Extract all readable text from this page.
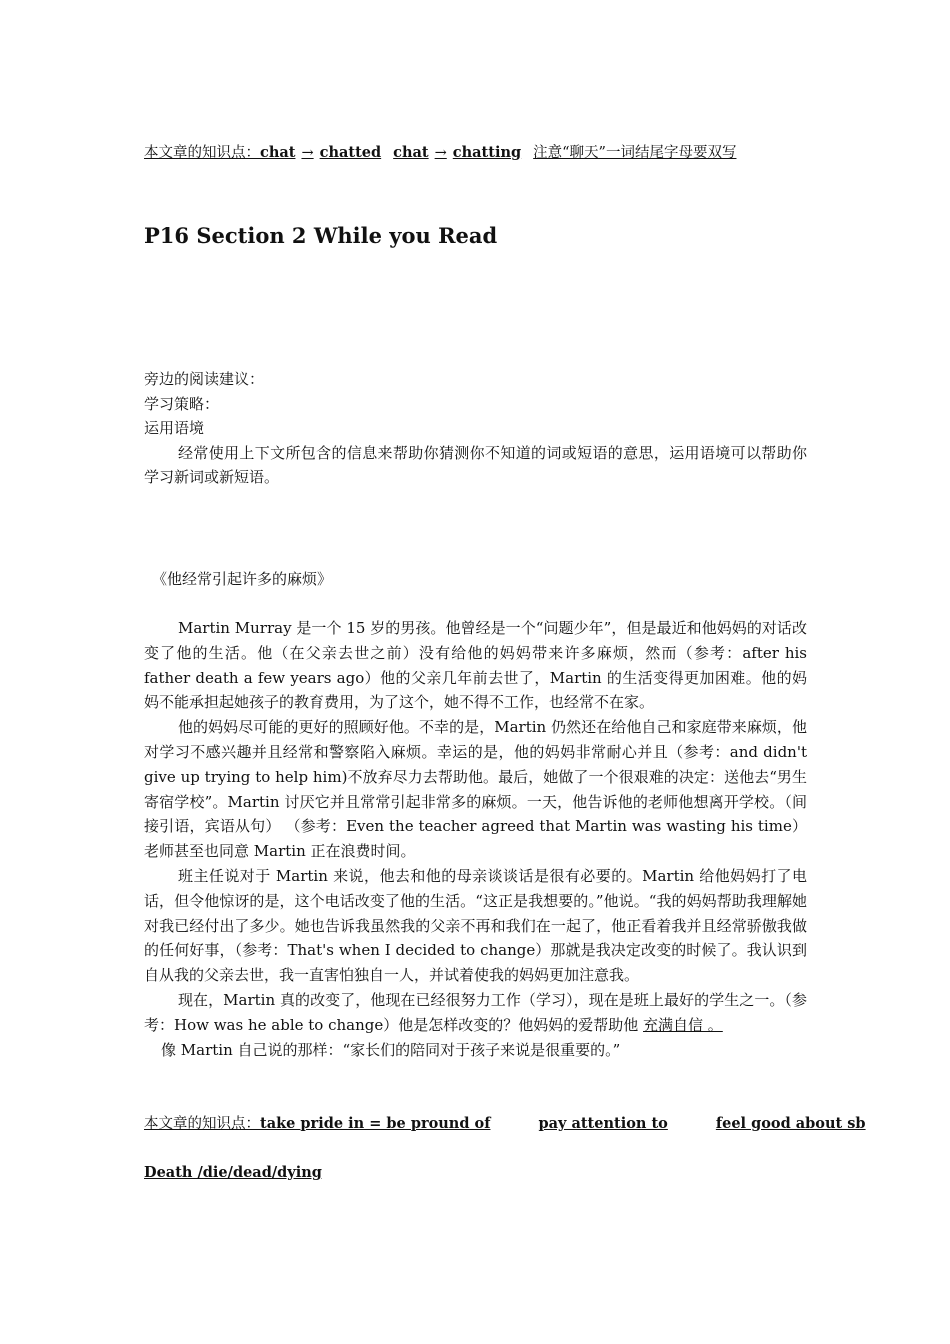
本文章的知识点：chat → chatted chat → chatting 注意“聊天”一词结尾字母要双写
P16 Section 2 While you Read
旁边的阅读建议：
学习策略：
运用语境

经常使用上下文所包含的信息来帮助你猜测你不知道的词或短语的意思，运用语境可以帮助你学习新词或新短语。

《他经常引起许多的麻烦》

Martin Murray 是一个 15 岁的男孩。他曾经是一个“问题少年”，但是最近和他妈妈的对话改变了他的生活。他（在父亲去世之前）没有给他的妈妈带来许多麻烦，然而（参考：after his father death a few years ago）他的父亲几年前去世了，Martin 的生活变得更加困难。他的妈妈不能承担起她孩子的教育费用，为了这个，她不得不工作，也经常不在家。

他的妈妈尽可能的更好的照顾好他。不幸的是，Martin 仍然还在给他自己和家庭带来麻烦，他对学习不感兴趣并且经常和警察陷入麻烦。幸运的是，他的妈妈非常耐心并且（参考：and didn't give up trying to help him)不放弃尽力去帮助他。最后，她做了一个很艰难的决定：送他去“男生寄宿学校”。Martin 讨厌它并且常常引起非常多的麻烦。一天，他告诉他的老师他想离开学校。（间接引语，宾语从句） （参考：Even the teacher agreed that Martin was wasting his time） 老师甚至也同意 Martin 正在浪费时间。

班主任说对于 Martin 来说，他去和他的母亲谈谈话是很有必要的。Martin 给他妈妈打了电话，但令他惊讶的是，这个电话改变了他的生活。“这正是我想要的。”他说。“我的妈妈帮助我理解她对我已经付出了多少。她也告诉我虽然我的父亲不再和我们在一起了，他正看着我并且经常骄傲我做的任何好事，（参考：That's when I decided to change）那就是我决定改变的时候了。我认识到自从我的父亲去世，我一直害怕独自一人，并试着使我的妈妈更加注意我。

现在，Martin 真的改变了，他现在已经很努力工作（学习），现在是班上最好的学生之一。（参考：How was he able to change）他是怎样改变的？他妈妈的爱帮助他 充满自信 。

像 Martin 自己说的那样：“家长们的陪同对于孩子来说是很重要的。”

本文章的知识点：take pride in = be pround of	pay attention to	feel good about sb
Death /die/dead/dying
